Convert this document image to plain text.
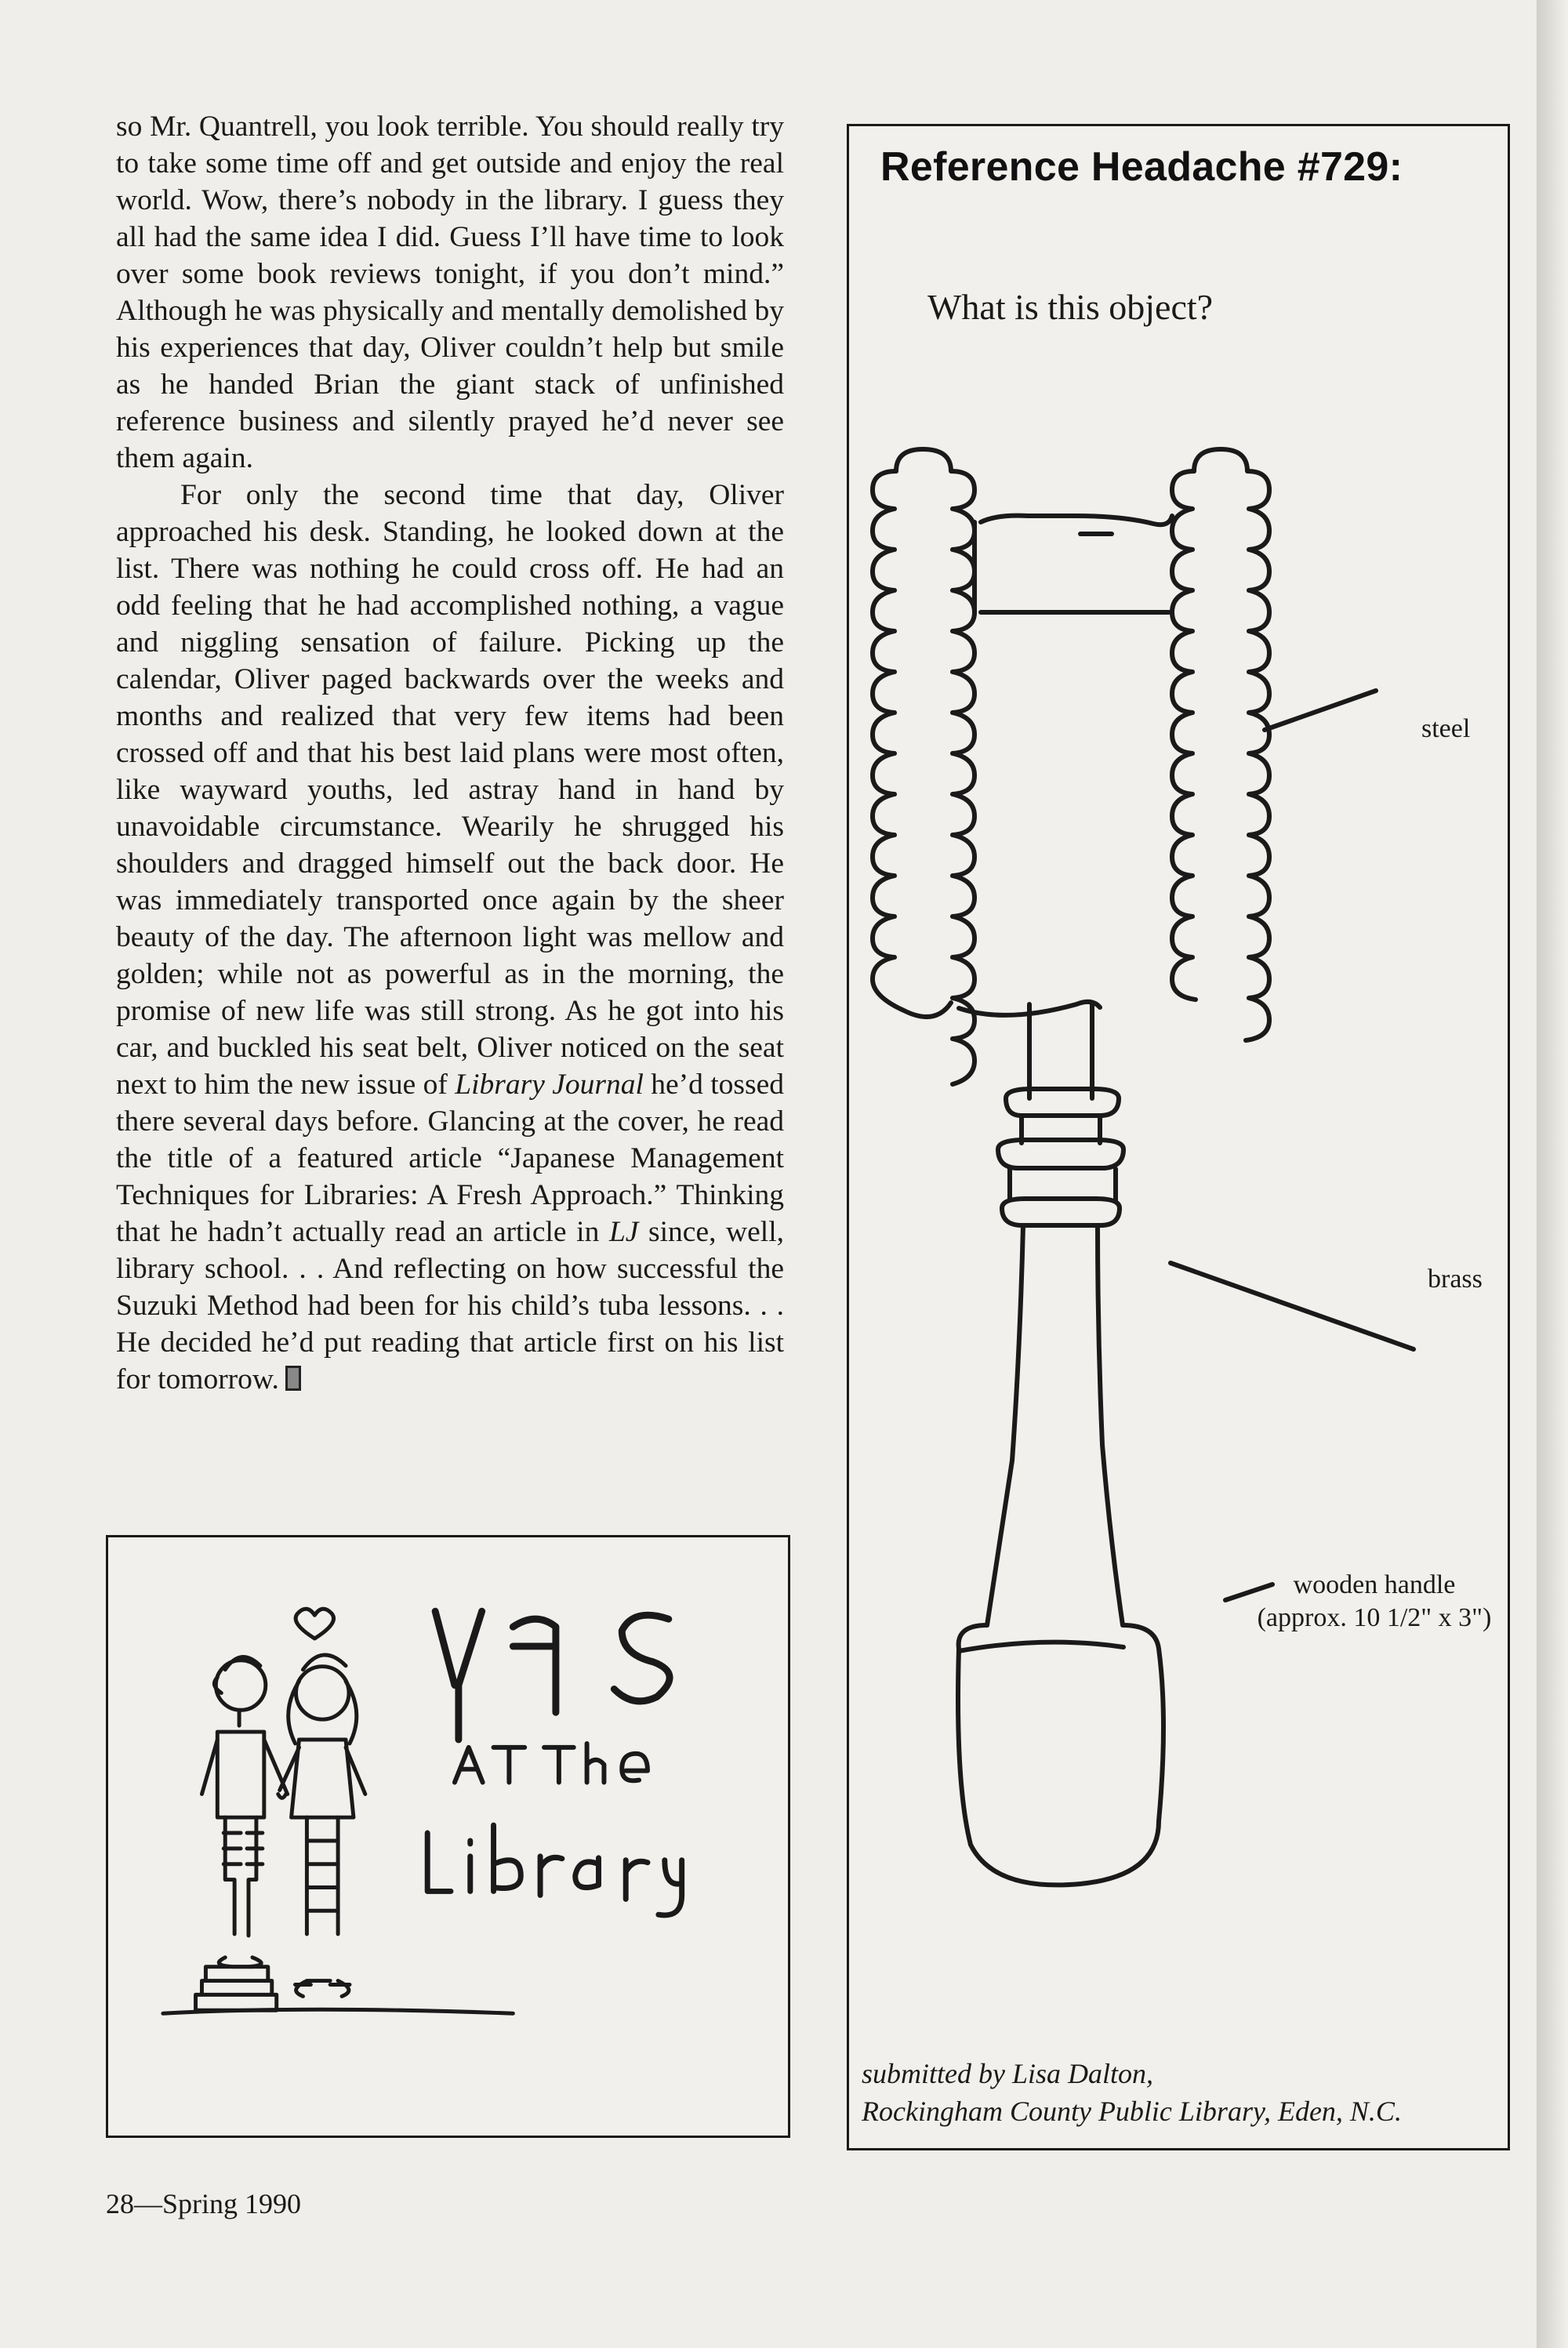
so Mr. Quantrell, you look terrible. You should really try to take some time off and get outside and enjoy the real world. Wow, there’s nobody in the library. I guess they all had the same idea I did. Guess I’ll have time to look over some book reviews tonight, if you don’t mind.” Although he was physically and mentally demolished by his experiences that day, Oliver couldn’t help but smile as he handed Brian the giant stack of unfinished reference business and silently prayed he’d never see them again.

For only the second time that day, Oliver approached his desk. Standing, he looked down at the list. There was nothing he could cross off. He had an odd feeling that he had accomplished nothing, a vague and niggling sensation of failure. Picking up the calendar, Oliver paged backwards over the weeks and months and realized that very few items had been crossed off and that his best laid plans were most often, like wayward youths, led astray hand in hand by unavoidable circumstance. Wearily he shrugged his shoulders and dragged himself out the back door. He was immediately transported once again by the sheer beauty of the day. The afternoon light was mellow and golden; while not as powerful as in the morning, the promise of new life was still strong. As he got into his car, and buckled his seat belt, Oliver noticed on the seat next to him the new issue of Library Journal he’d tossed there several days before. Glancing at the cover, he read the title of a featured article “Japanese Management Techniques for Libraries: A Fresh Approach.” Thinking that he hadn’t actually read an article in LJ since, well, library school. . . And reflecting on how successful the Suzuki Method had been for his child’s tuba lessons. . . He decided he’d put reading that article first on his list for tomorrow.

Reference Headache #729:

What is this object?

steel
brass
wooden handle
(approx. 10 1/2" x 3")
submitted by Lisa Dalton,
Rockingham County Public Library, Eden, N.C.
28—Spring 1990
